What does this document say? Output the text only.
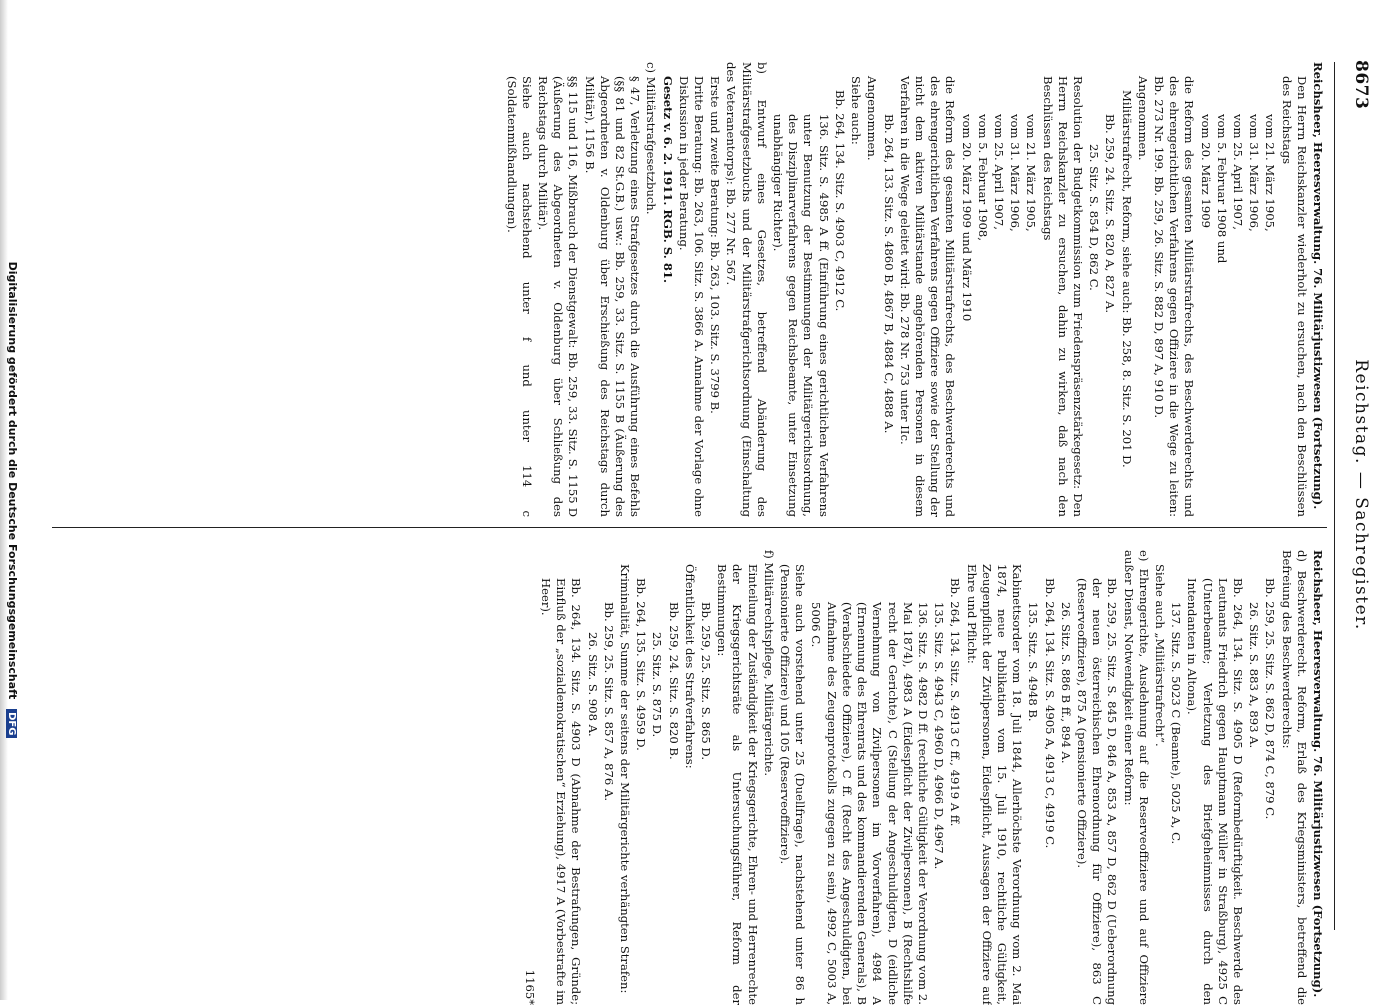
8673
Reichstag. — Sachregister.
Reichsheer, Heeresverwaltung. 76. Militärjustizwesen (Fortsetzung).
Den Herrn Reichskanzler wiederholt zu ersuchen, nach den Beschlüssen des Reichstags
vom 21. März 1905,
vom 31. März 1906,
vom 25. April 1907,
vom 5. Februar 1908 und
vom 20. März 1909
die Reform des gesamten Militärstrafrechts, des Beschwerderechts und des ehrengerichtlichen Verfahrens gegen Offiziere in die Wege zu leiten: Bb. 273 Nr. 199. Bb. 259, 26. Sitz. S. 882 D, 897 A, 910 D.
Angenommen.
Militärstrafrecht, Reform, siehe auch: Bb. 258, 8. Sitz. S. 201 D.
Bb. 259, 24. Sitz. S. 820 A, 827 A.
25. Sitz. S. 854 D, 862 C.
Resolution der Budgetkommission zum Friedenspräsenzstärkegesetz: Den Herrn Reichskanzler zu ersuchen, dahin zu wirken, daß nach den Beschlüssen des Reichstags
vom 21. März 1905,
vom 31. März 1906,
vom 25. April 1907,
vom 5. Februar 1908,
vom 20. März 1909 und März 1910
die Reform des gesamten Militärstrafrechts, des Beschwerderechts und des ehrengerichtlichen Verfahrens gegen Offiziere sowie der Stellung der nicht dem aktiven Militärstande angehörenden Personen in diesem Verfahren in die Wege geleitet wird: Bb. 278 Nr. 753 unter IIc.
Bb. 264, 133. Sitz. S. 4860 B, 4867 B, 4884 C, 4888 A.
Angenommen.
Siehe auch:
Bb. 264, 134. Sitz. S. 4903 C, 4912 C.
136. Sitz. S. 4985 A ff. (Einführung eines gerichtlichen Verfahrens unter Benutzung der Bestimmungen der Militärgerichtsordnung, des Disziplinarverfahrens gegen Reichsbeamte, unter Einsetzung unabhängiger Richter).
b) Entwurf eines Gesetzes, betreffend Abänderung des Militärstrafgesetzbuchs und der Militärstrafgerichtsordnung (Einschaltung des Veteranentorps): Bb. 277 Nr. 567.
Erste und zweite Beratung: Bb. 263, 103. Sitz. S. 3799 B.
Dritte Beratung: Bb. 263, 106. Sitz. S. 3866 A. Annahme der Vorlage ohne Diskussion in jeder Beratung.
Gesetz v. 6. 2. 1911. RGB. S. 81.
c) Militärstrafgesetzbuch.
§ 47, Verletzung eines Strafgesetzes durch die Ausführung eines Befehls (§§ 81 und 82 St.G.B.) usw.: Bb. 259, 33. Sitz. S. 1155 B (Äußerung des Abgeordneten v. Oldenburg über Erschießung des Reichstags durch Militär), 1156 B.
§§ 115 und 116, Mißbrauch der Dienstgewalt: Bb. 259, 33. Sitz. S. 1155 D (Äußerung des Abgeordneten v. Oldenburg über Schließung des Reichstags durch Militär).
Siehe auch nachstehend unter f und unter 114 c (Soldatenmißhandlungen).
Reichsheer, Heeresverwaltung. 76. Militärjustizwesen (Fortsetzung).
d) Beschwerderecht. Reform, Erlaß des Kriegsministers, betreffend die Befreiung des Beschwerderechts:
Bb. 259, 25. Sitz. S. 862 D, 874 C, 879 C.
26. Sitz. S. 883 A, 893 A.
Bb. 264, 134. Sitz. S. 4905 D (Reformbedürftigkeit. Beschwerde des Leutnants Friedrich gegen Hauptmann Müller in Straßburg), 4925 C (Unterbeamte; Verletzung des Briefgeheimnisses durch den Intendanten in Altona).
137. Sitz. S. 5023 C (Beamte), 5025 A, C.
Siehe auch „Militärstrafrecht“.
e) Ehrengerichte, Ausdehnung auf die Reserveoffiziere und auf Offiziere außer Dienst, Notwendigkeit einer Reform:
Bb. 259, 25. Sitz. S. 845 D, 846 A, 853 A, 857 D, 862 D (Ueberordnung der neuen österreichischen Ehrenordnung für Offiziere), 863 C (Reserveoffiziere), 875 A (pensionierte Offiziere).
26. Sitz. S. 886 B ff., 894 A.
Bb. 264, 134. Sitz. S. 4905 A, 4913 C, 4919 C.
135. Sitz. S. 4948 B.
Kabinettsorder vom 18. Juli 1844, Allerhöchste Verordnung vom 2. Mai 1874, neue Publikation vom 15. Juli 1910, rechtliche Gültigkeit, Zeugenpflicht der Zivilpersonen, Eidespflicht, Aussagen der Offiziere auf Ehre und Pflicht:
Bb. 264, 134. Sitz. S. 4913 C ff., 4919 A ff.
135. Sitz. S. 4943 C, 4960 D, 4966 D, 4967 A.
136. Sitz. S. 4982 D ff. (rechtliche Gültigkeit der Verordnung vom 2. Mai 1874), 4983 A (Eidespflicht der Zivilpersonen), B (Rechtshilfe recht der Gerichte), C (Stellung der Angeschuldigten, D (eidliche Vernehmung von Zivilpersonen im Vorverfahren), 4984 A (Ernennung des Ehrenrats und des kommandierenden Generals), B (Verabschiedete Offiziere), C ff. (Recht des Angeschuldigten, bei Aufnahme des Zeugenprotokolls zugegen zu sein), 4992 C, 5003 A, 5006 C.
Siehe auch vorstehend unter 25 (Duellfrage), nachstehend unter 86 h (Pensionierte Offiziere) und 105 (Reserveoffiziere).
f) Militärrechtspflege, Militärgerichte.
Einteilung der Zuständigkeit der Kriegsgerichte, Ehren- und Herrenrechte der Kriegsgerichtsräte als Untersuchungsführer, Reform der Bestimmungen:
Bb. 259, 25. Sitz. S. 865 D.
Öffentlichkeit des Strafverfahrens:
Bb. 259, 24. Sitz. S. 820 B.
25. Sitz. S. 875 D.
Bb. 264, 135. Sitz. S. 4959 D.
Kriminalität, Summe der seitens der Militärgerichte verhängten Strafen:
Bb. 259, 25. Sitz. S. 857 A, 876 A.
26. Sitz. S. 908 A.
Bb. 264, 134. Sitz. S. 4903 D (Abnahme der Bestrafungen, Gründe; Einfluß der „sozialdemokratischen“ Erziehung), 4917 A (Vorbestrafte im Heer).
1165*
Digitalisierung gefördert durch die Deutsche Forschungsgemeinschaft DFG
